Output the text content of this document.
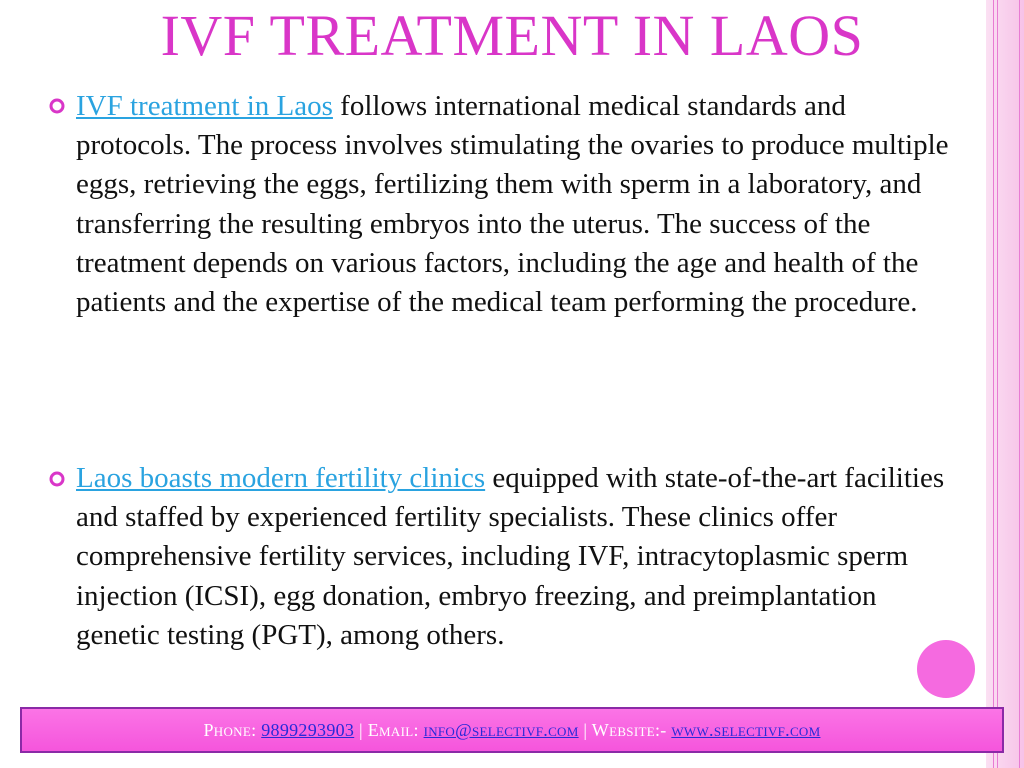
IVF TREATMENT IN LAOS

IVF treatment in Laos follows international medical standards and protocols. The process involves stimulating the ovaries to produce multiple eggs, retrieving the eggs, fertilizing them with sperm in a laboratory, and transferring the resulting embryos into the uterus. The success of the treatment depends on various factors, including the age and health of the patients and the expertise of the medical team performing the procedure.

Laos boasts modern fertility clinics equipped with state-of-the-art facilities and staffed by experienced fertility specialists. These clinics offer comprehensive fertility services, including IVF, intracytoplasmic sperm injection (ICSI), egg donation, embryo freezing, and preimplantation genetic testing (PGT), among others.

Phone: 9899293903 | Email: info@selectivf.com | Website:- www.selectivf.com
